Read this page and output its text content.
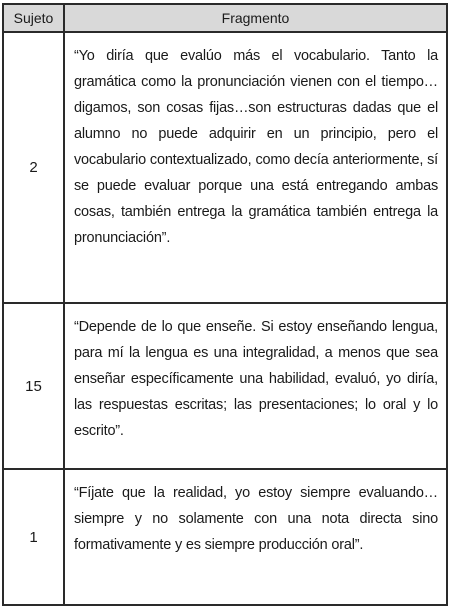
Sujeto	Fragmento
2	“Yo diría que evalúo más el vocabulario. Tanto la gramática como la pronunciación vienen con el tiempo…digamos, son cosas fijas…son estructuras dadas que el alumno no puede adquirir en un principio, pero el vocabulario contextualizado, como decía anteriormente, sí se puede evaluar porque una está entregando ambas cosas, también entrega la gramática también entrega la pronunciación”.

15	“Depende de lo que enseñe. Si estoy enseñando lengua, para mí la lengua es una integralidad, a menos que sea enseñar específicamente una habilidad, evaluó, yo diría, las respuestas escritas; las presentaciones; lo oral y lo escrito”.

1	“Fíjate que la realidad, yo estoy siempre evaluando… siempre y no solamente con una nota directa sino formativamente y es siempre producción oral”.
